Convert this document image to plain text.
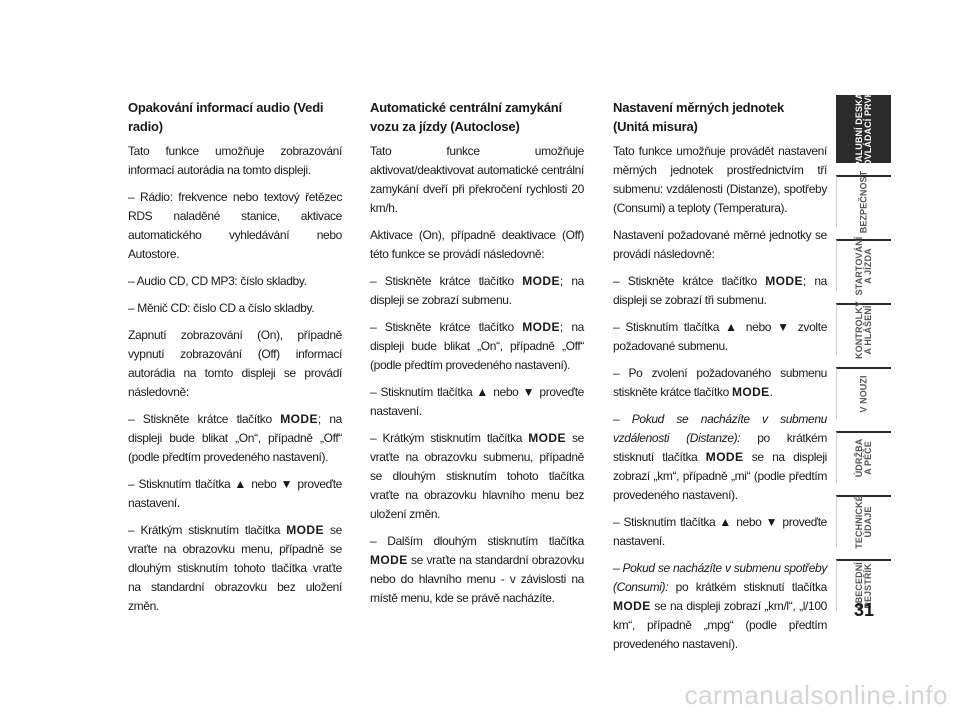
Opakování informací audio (Vedi radio)

Tato funkce umožňuje zobrazování informací autorádia na tomto displeji.

– Rádio: frekvence nebo textový řetězec RDS naladěné stanice, aktivace automatického vyhledávání nebo Autostore.

– Audio CD, CD MP3: číslo skladby.

– Měnič CD: číslo CD a číslo skladby.

Zapnutí zobrazování (On), případně vypnutí zobrazování (Off) informací autorádia na tomto displeji se provádí následovně:

– Stiskněte krátce tlačítko MODE; na displeji bude blikat „On“, případně „Off“ (podle předtím provedeného nastavení).

– Stisknutím tlačítka ▲ nebo ▼ proveďte nastavení.

– Krátkým stisknutím tlačítka MODE se vraťte na obrazovku menu, případně se dlouhým stisknutím tohoto tlačítka vraťte na standardní obrazovku bez uložení změn.

Automatické centrální zamykání vozu za jízdy (Autoclose)

Tato funkce umožňuje aktivovat/deaktivovat automatické centrální zamykání dveří při překročení rychlosti 20 km/h.

Aktivace (On), případně deaktivace (Off) této funkce se provádí následovně:

– Stiskněte krátce tlačítko MODE; na displeji se zobrazí submenu.

– Stiskněte krátce tlačítko MODE; na displeji bude blikat „On“, případně „Off“ (podle předtím provedeného nastavení).

– Stisknutím tlačítka ▲ nebo ▼ proveďte nastavení.

– Krátkým stisknutím tlačítka MODE se vraťte na obrazovku submenu, případně se dlouhým stisknutím tohoto tlačítka vraťte na obrazovku hlavního menu bez uložení změn.

– Dalším dlouhým stisknutím tlačítka MODE se vraťte na standardní obrazovku nebo do hlavního menu - v závislosti na místě menu, kde se právě nacházíte.

Nastavení měrných jednotek
(Unitá misura)

Tato funkce umožňuje provádět nastavení měrných jednotek prostřednictvím tří submenu: vzdálenosti (Distanze), spotřeby (Consumi) a teploty (Temperatura).

Nastavení požadované měrné jednotky se provádí následovně:

– Stiskněte krátce tlačítko MODE; na displeji se zobrazí tři submenu.

– Stisknutím tlačítka ▲ nebo ▼ zvolte požadované submenu.

– Po zvolení požadovaného submenu stiskněte krátce tlačítko MODE.

– Pokud se nacházíte v submenu vzdálenosti (Distanze): po krátkém stisknutí tlačítka MODE se na displeji zobrazí „km“, případně „mi“ (podle předtím provedeného nastavení).

– Stisknutím tlačítka ▲ nebo ▼ proveďte nastavení.

– Pokud se nacházíte v submenu spotřeby (Consumi): po krátkém stisknutí tlačítka MODE se na displeji zobrazí „km/l“, „l/100 km“, případně „mpg“ (podle předtím provedeného nastavení).

PALUBNÍ DESKA
A OVLÁDACÍ PRVKY
BEZPEČNOST
STARTOVÁNÍ
A JÍZDA
KONTROLKY
A HLÁŠENÍ
V NOUZI
ÚDRŽBA
A PÉČE
TECHNICKÉ
ÚDAJE
ABECEDNÍ
REJSTŘÍK
31
carmanualsonline.info
